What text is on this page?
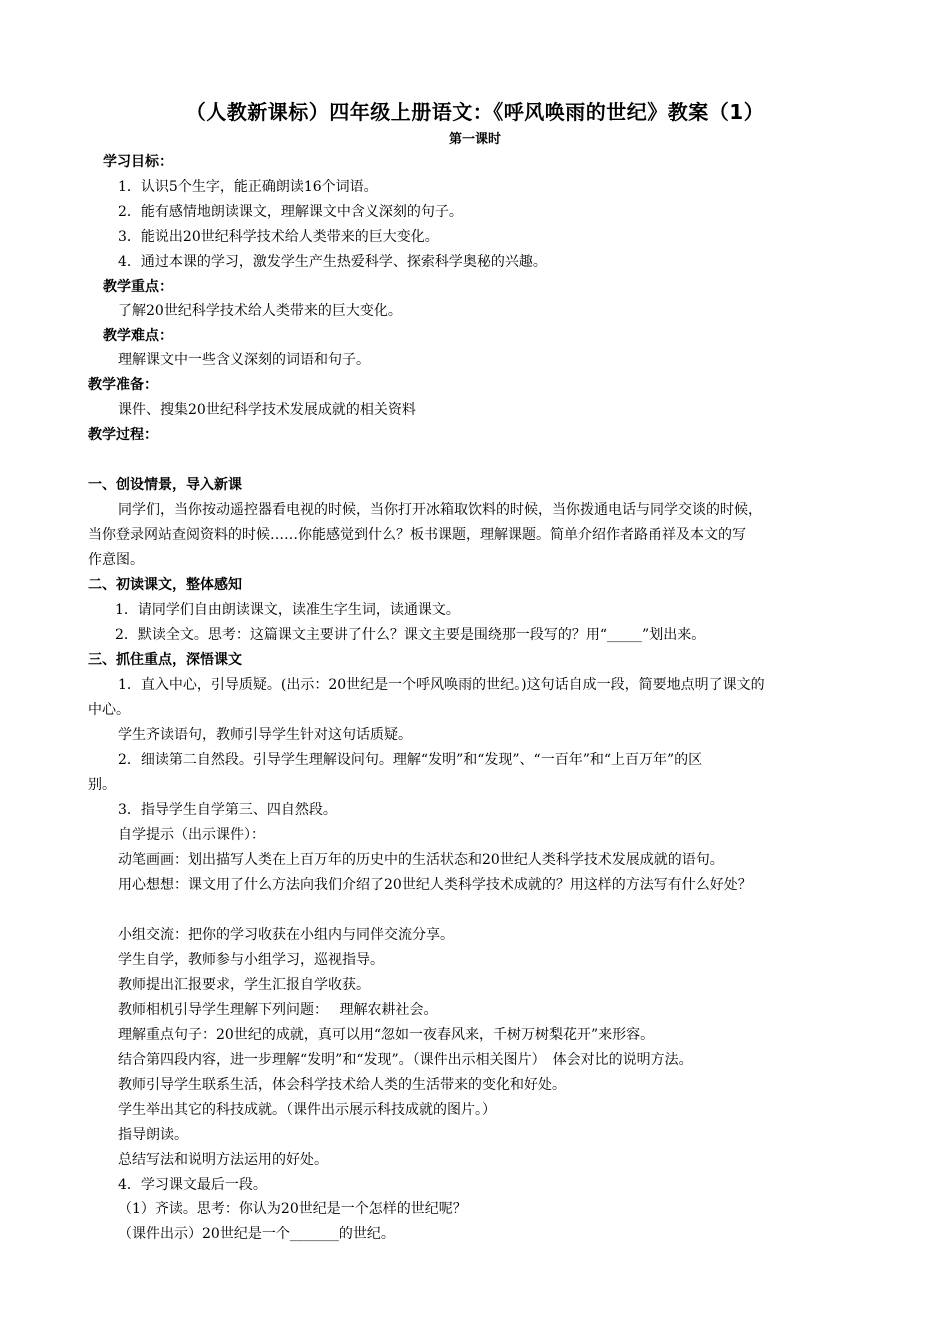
（人教新课标）四年级上册语文：《呼风唤雨的世纪》教案（1）
第一课时
学习目标：
1．认识5个生字，能正确朗读16个词语。
2．能有感情地朗读课文，理解课文中含义深刻的句子。
3．能说出20世纪科学技术给人类带来的巨大变化。
4．通过本课的学习，激发学生产生热爱科学、探索科学奥秘的兴趣。
教学重点：
了解20世纪科学技术给人类带来的巨大变化。
教学难点：
理解课文中一些含义深刻的词语和句子。
教学准备：
课件、搜集20世纪科学技术发展成就的相关资料
教学过程：
一、创设情景，导入新课
同学们，当你按动遥控器看电视的时候，当你打开冰箱取饮料的时候，当你拨通电话与同学交谈的时候，
当你登录网站查阅资料的时候……你能感觉到什么？板书课题，理解课题。简单介绍作者路甬祥及本文的写
作意图。
二、初读课文，整体感知
1．请同学们自由朗读课文，读准生字生词，读通课文。
2．默读全文。思考：这篇课文主要讲了什么？课文主要是围绕那一段写的？用“_____”划出来。
三、抓住重点，深悟课文
1．直入中心，引导质疑。(出示：20世纪是一个呼风唤雨的世纪。)这句话自成一段，简要地点明了课文的
中心。
学生齐读语句，教师引导学生针对这句话质疑。
2．细读第二自然段。引导学生理解设问句。理解“发明”和“发现”、“一百年”和“上百万年”的区
别。
3．指导学生自学第三、四自然段。
自学提示（出示课件）：
动笔画画：划出描写人类在上百万年的历史中的生活状态和20世纪人类科学技术发展成就的语句。
用心想想：课文用了什么方法向我们介绍了20世纪人类科学技术成就的？用这样的方法写有什么好处？
小组交流：把你的学习收获在小组内与同伴交流分享。
学生自学，教师参与小组学习，巡视指导。
教师提出汇报要求，学生汇报自学收获。
教师相机引导学生理解下列问题：　 理解农耕社会。
理解重点句子：20世纪的成就，真可以用“忽如一夜春风来，千树万树梨花开”来形容。
结合第四段内容，进一步理解“发明”和“发现”。（课件出示相关图片）　体会对比的说明方法。
教师引导学生联系生活，体会科学技术给人类的生活带来的变化和好处。
学生举出其它的科技成就。（课件出示展示科技成就的图片。）
指导朗读。
总结写法和说明方法运用的好处。
4．学习课文最后一段。
（1）齐读。思考：你认为20世纪是一个怎样的世纪呢？
（课件出示）20世纪是一个_______的世纪。
